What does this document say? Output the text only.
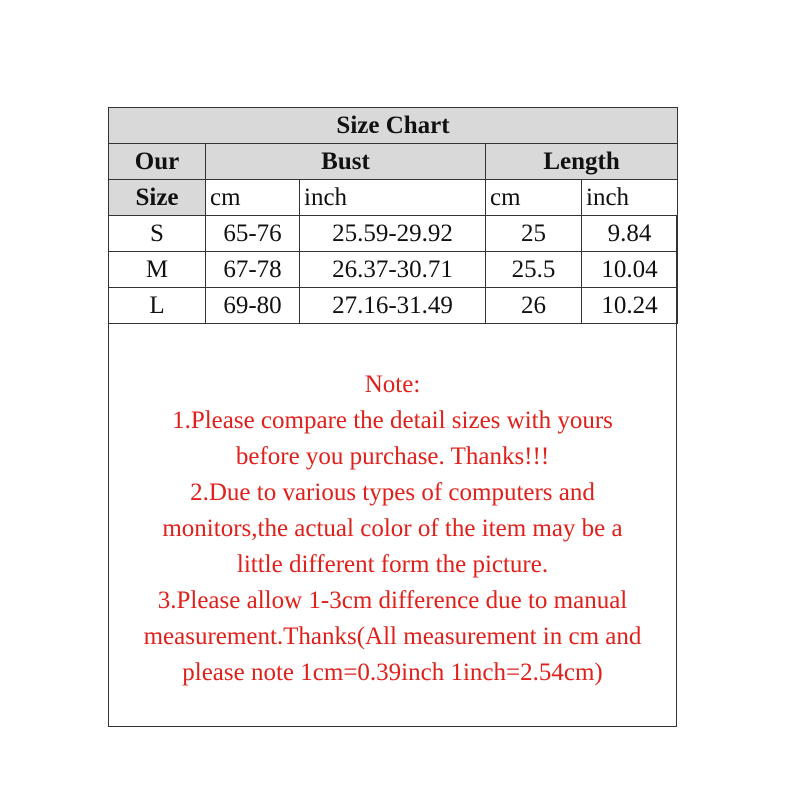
Size Chart				
Our	Bust		Length	
Size	cm	inch	cm	inch
S	65-76	25.59-29.92	25	9.84
M	67-78	26.37-30.71	25.5	10.04
L	69-80	27.16-31.49	26	10.24
Note:
1.Please compare the detail sizes with yours
before you purchase. Thanks!!!
2.Due to various types of computers and
monitors,the actual color of the item may be a
little different form the picture.
3.Please allow 1-3cm difference due to manual
measurement.Thanks(All measurement in cm and
please note 1cm=0.39inch 1inch=2.54cm)
